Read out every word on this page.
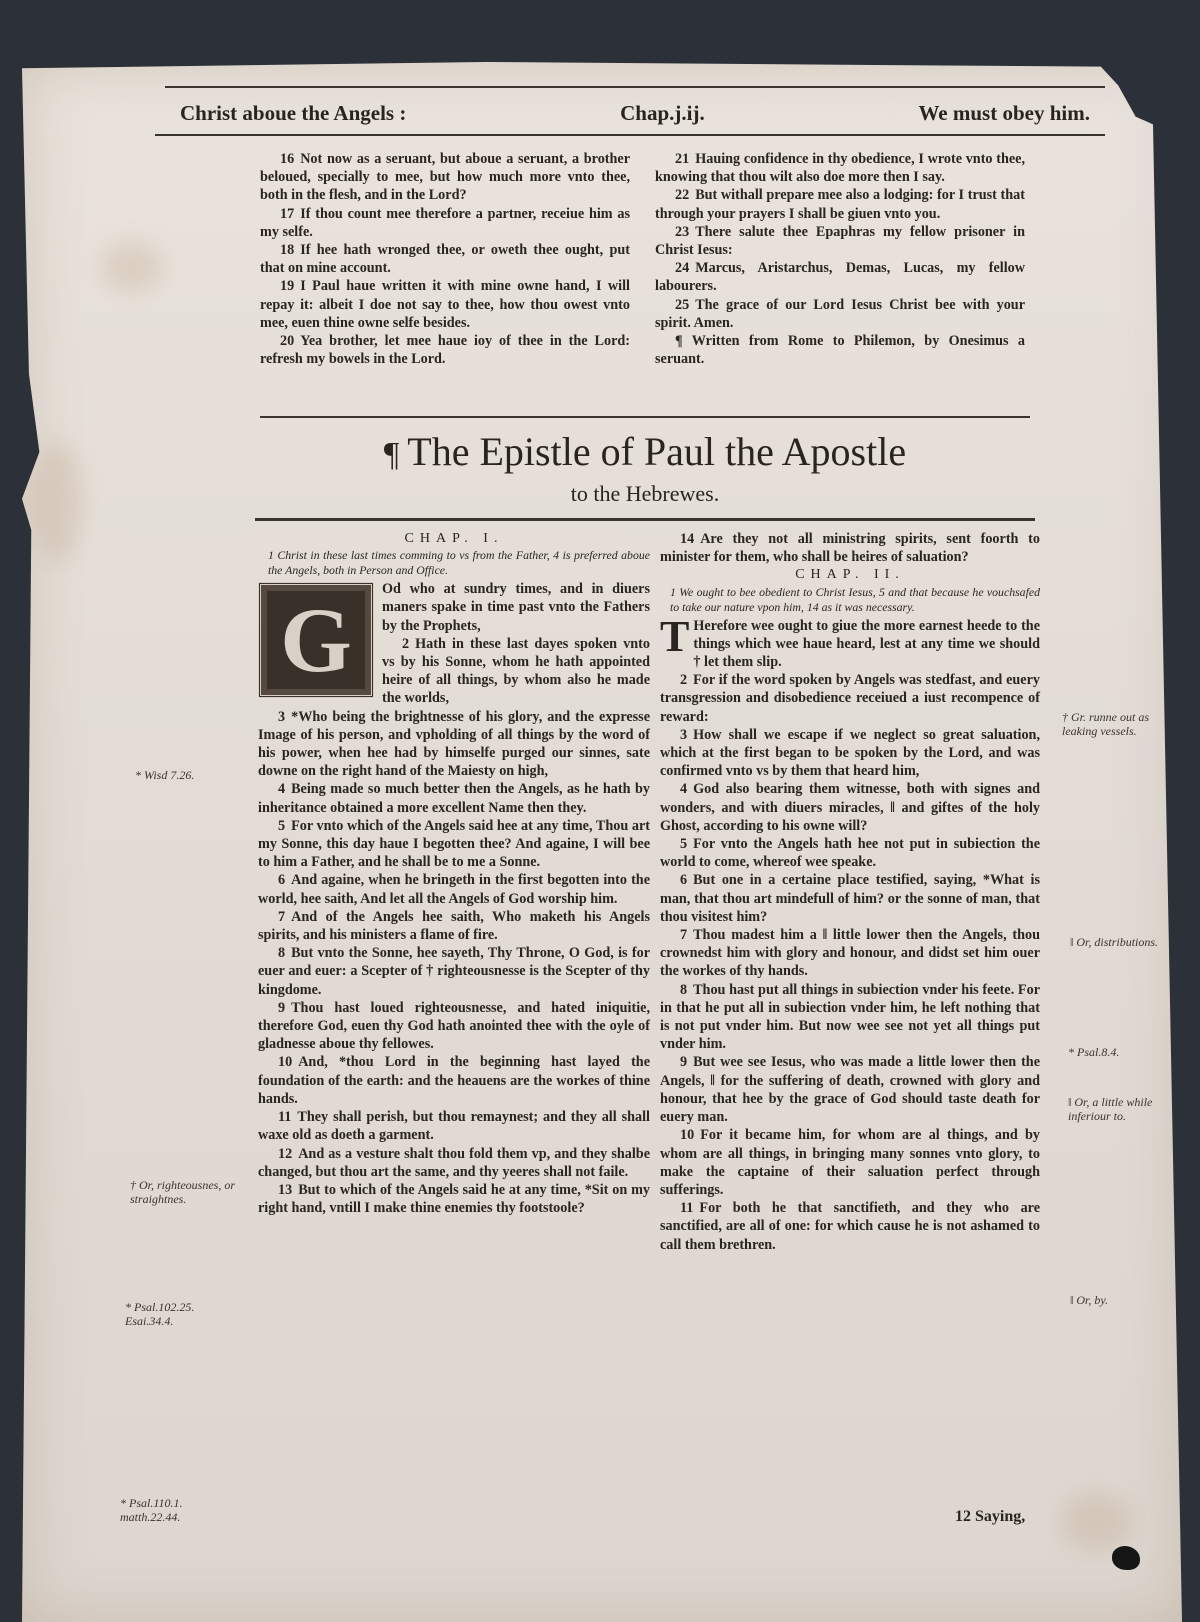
Christ aboue the Angels :	Chap.j.ij.	We must obey him.

16 Not now as a seruant, but aboue a seruant, a brother beloued, specially to mee, but how much more vnto thee, both in the flesh, and in the Lord?

17 If thou count mee therefore a partner, receiue him as my selfe.

18 If hee hath wronged thee, or oweth thee ought, put that on mine account.

19 I Paul haue written it with mine owne hand, I will repay it: albeit I doe not say to thee, how thou owest vnto mee, euen thine owne selfe besides.

20 Yea brother, let mee haue ioy of thee in the Lord: refresh my bowels in the Lord.

21 Hauing confidence in thy obedience, I wrote vnto thee, knowing that thou wilt also doe more then I say.

22 But withall prepare mee also a lodging: for I trust that through your prayers I shall be giuen vnto you.

23 There salute thee Epaphras my fellow prisoner in Christ Iesus:

24 Marcus, Aristarchus, Demas, Lucas, my fellow labourers.

25 The grace of our Lord Iesus Christ bee with your spirit. Amen.

¶ Written from Rome to Philemon, by Onesimus a seruant.

¶ The Epistle of Paul the Apostle
to the Hebrewes.

CHAP. I.

1 Christ in these last times comming to vs from the Father, 4 is preferred aboue the Angels, both in Person and Office.

G	Od who at sundry times, and in diuers maners spake in time past vnto the Fathers by the Prophets,

2 Hath in these last dayes spoken vnto vs by his Sonne, whom he hath appointed heire of all things, by whom also he made the worlds,

3 *Who being the brightnesse of his glory, and the expresse Image of his person, and vpholding of all things by the word of his power, when hee had by himselfe purged our sinnes, sate downe on the right hand of the Maiesty on high,

4 Being made so much better then the Angels, as he hath by inheritance obtained a more excellent Name then they.

5 For vnto which of the Angels said hee at any time, Thou art my Sonne, this day haue I begotten thee? And againe, I will bee to him a Father, and he shall be to me a Sonne.

6 And againe, when he bringeth in the first begotten into the world, hee saith, And let all the Angels of God worship him.

7 And of the Angels hee saith, Who maketh his Angels spirits, and his ministers a flame of fire.

8 But vnto the Sonne, hee sayeth, Thy Throne, O God, is for euer and euer: a Scepter of † righteousnesse is the Scepter of thy kingdome.

9 Thou hast loued righteousnesse, and hated iniquitie, therefore God, euen thy God hath anointed thee with the oyle of gladnesse aboue thy fellowes.

10 And, *thou Lord in the beginning hast layed the foundation of the earth: and the heauens are the workes of thine hands.

11 They shall perish, but thou remaynest; and they all shall waxe old as doeth a garment.

12 And as a vesture shalt thou fold them vp, and they shalbe changed, but thou art the same, and thy yeeres shall not faile.

13 But to which of the Angels said he at any time, *Sit on my right hand, vntill I make thine enemies thy footstoole?

14 Are they not all ministring spirits, sent foorth to minister for them, who shall be heires of saluation?

CHAP. II.

1 We ought to bee obedient to Christ Iesus, 5 and that because he vouchsafed to take our nature vpon him, 14 as it was necessary.

T Herefore wee ought to giue the more earnest heede to the things which wee haue heard, lest at any time we should † let them slip.

2 For if the word spoken by Angels was stedfast, and euery transgression and disobedience receiued a iust recompence of reward:

3 How shall we escape if we neglect so great saluation, which at the first began to be spoken by the Lord, and was confirmed vnto vs by them that heard him,

4 God also bearing them witnesse, both with signes and wonders, and with diuers miracles, ‖ and giftes of the holy Ghost, according to his owne will?

5 For vnto the Angels hath hee not put in subiection the world to come, whereof wee speake.

6 But one in a certaine place testified, saying, *What is man, that thou art mindefull of him? or the sonne of man, that thou visitest him?

7 Thou madest him a ‖ little lower then the Angels, thou crownedst him with glory and honour, and didst set him ouer the workes of thy hands.

8 Thou hast put all things in subiection vnder his feete. For in that he put all in subiection vnder him, he left nothing that is not put vnder him. But now wee see not yet all things put vnder him.

9 But wee see Iesus, who was made a little lower then the Angels, ‖ for the suffering of death, crowned with glory and honour, that hee by the grace of God should taste death for euery man.

10 For it became him, for whom are al things, and by whom are all things, in bringing many sonnes vnto glory, to make the captaine of their saluation perfect through sufferings.

11 For both he that sanctifieth, and they who are sanctified, are all of one: for which cause he is not ashamed to call them brethren.

* Wisd 7.26.
† Or, righteousnes, or straightnes.
* Psal.102.25. Esai.34.4.
* Psal.110.1. matth.22.44.
† Gr. runne out as leaking vessels.
‖ Or, distributions.
* Psal.8.4.
‖ Or, a little while inferiour to.
‖ Or, by.
12 Saying,
